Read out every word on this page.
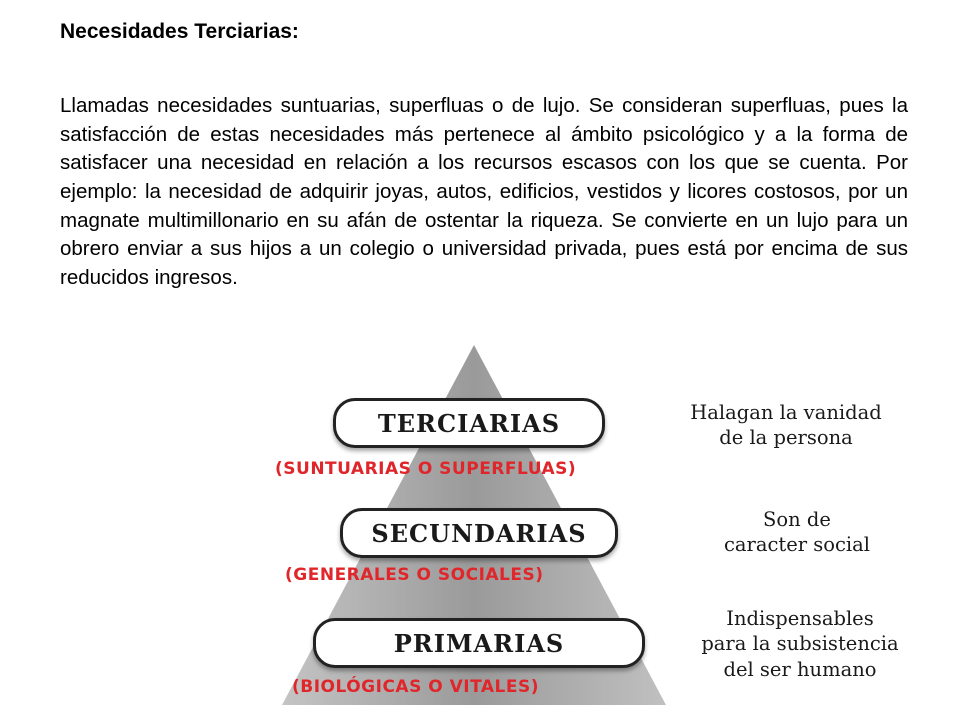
TERCIARIAS
(SUNTUARIAS O SUPERFLUAS)
Halagan la vanidad
de la persona
SECUNDARIAS
(GENERALES O SOCIALES)
Son de
caracter social
PRIMARIAS
(BIOLÓGICAS O VITALES)
Indispensables
para la subsistencia
del ser humano
Necesidades Terciarias:
Llamadas necesidades suntuarias, superfluas o de lujo. Se consideran superfluas, pues la satisfacción de estas necesidades más pertenece al ámbito psicológico y a la forma de satisfacer una necesidad en relación a los recursos escasos con los que se cuenta. Por ejemplo: la necesidad de adquirir joyas, autos, edificios, vestidos y licores costosos, por un magnate multimillonario en su afán de ostentar la riqueza. Se convierte en un lujo para un obrero enviar a sus hijos a un colegio o universidad privada, pues está por encima de sus reducidos ingresos.
